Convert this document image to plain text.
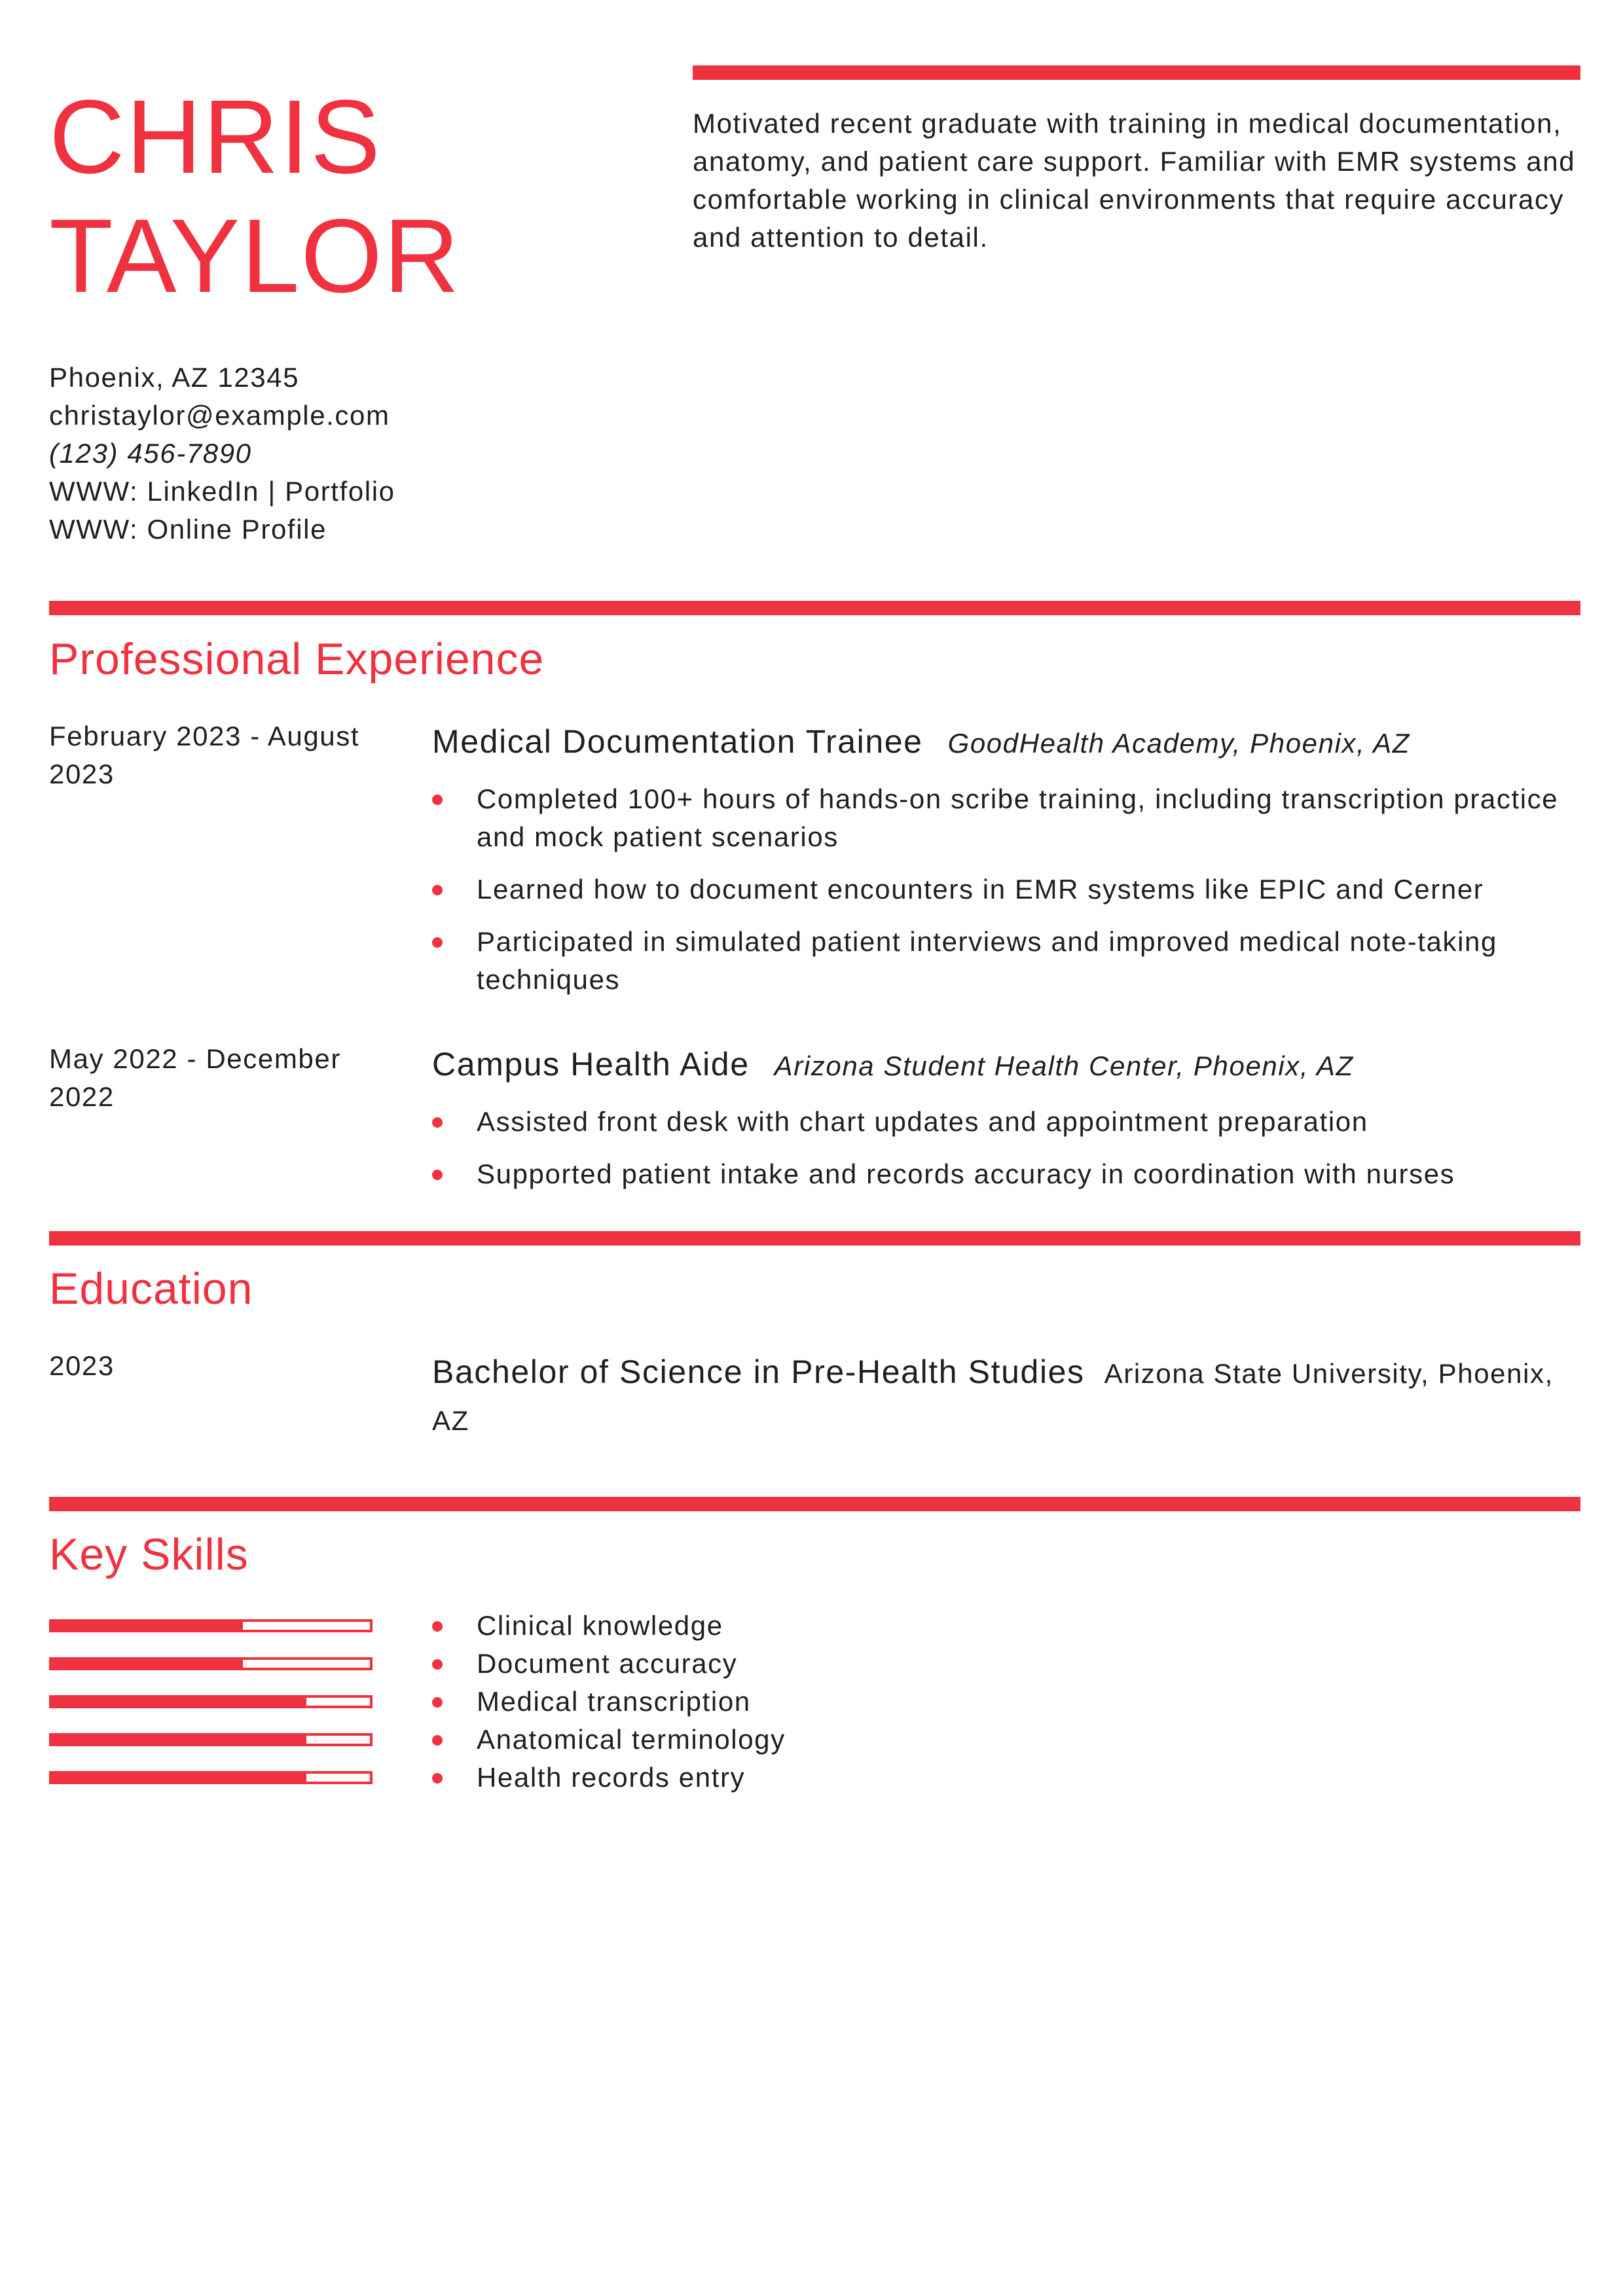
CHRIS
TAYLOR
Motivated recent graduate with training in medical documentation, anatomy, and patient care support. Familiar with EMR systems and comfortable working in clinical environments that require accuracy and attention to detail.
Phoenix, AZ 12345
christaylor@example.com
(123) 456-7890
WWW: LinkedIn | Portfolio
WWW: Online Profile
Professional Experience
February 2023 - August 2023
Medical Documentation Trainee GoodHealth Academy, Phoenix, AZ
Completed 100+ hours of hands-on scribe training, including transcription practice and mock patient scenarios
Learned how to document encounters in EMR systems like EPIC and Cerner
Participated in simulated patient interviews and improved medical note-taking techniques
May 2022 - December 2022
Campus Health Aide Arizona Student Health Center, Phoenix, AZ
Assisted front desk with chart updates and appointment preparation
Supported patient intake and records accuracy in coordination with nurses
Education
2023	Bachelor of Science in Pre-Health Studies Arizona State University, Phoenix, AZ
Key Skills
Clinical knowledge
Document accuracy
Medical transcription
Anatomical terminology
Health records entry
